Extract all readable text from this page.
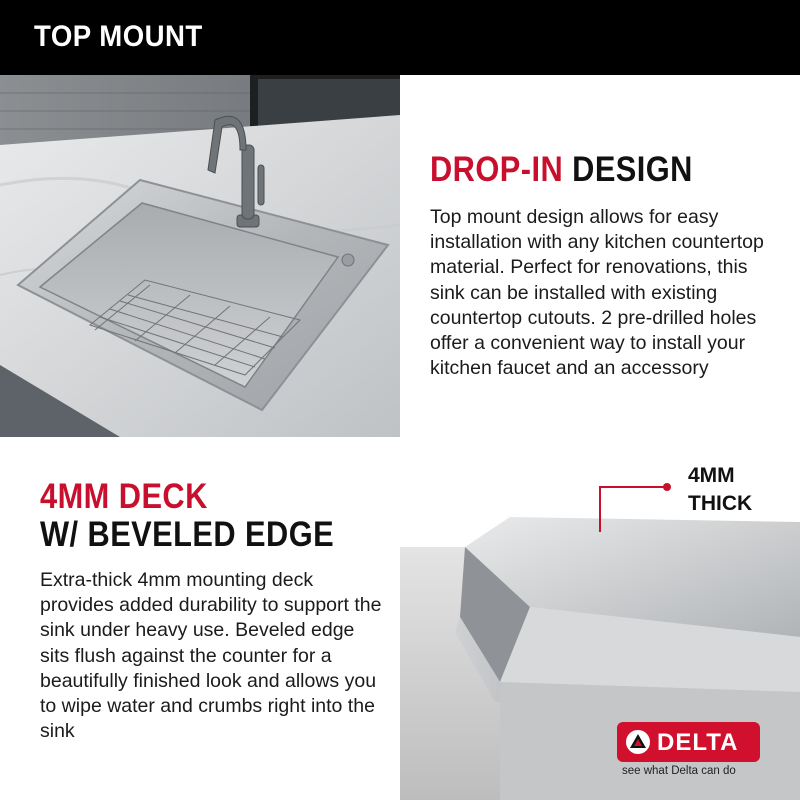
TOP MOUNT
DROP-IN DESIGN
Top mount design allows for easy installation with any kitchen countertop material. Perfect for renovations, this sink can be installed with existing countertop cutouts. 2 pre-drilled holes offer a convenient way to install your kitchen faucet and an accessory
4MM DECK
W/ BEVELED EDGE
Extra-thick 4mm mounting deck provides added durability to support the sink under heavy use. Beveled edge sits flush against the counter for a beautifully finished look and allows you to wipe water and crumbs right into the sink
4MM
THICK
DELTA
see what Delta can do
